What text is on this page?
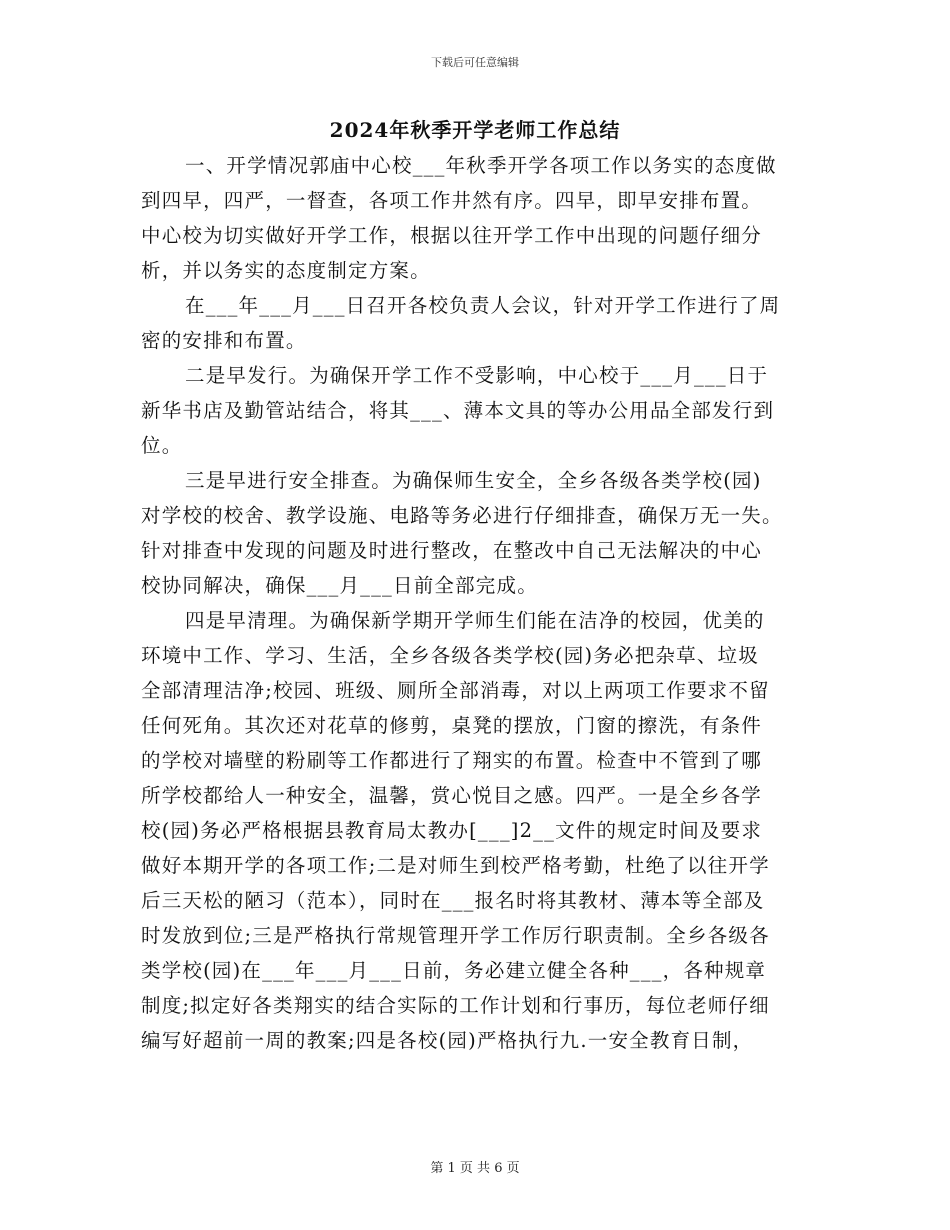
下载后可任意编辑
2024年秋季开学老师工作总结
一、开学情况郭庙中心校___年秋季开学各项工作以务实的态度做
到四早，四严，一督查，各项工作井然有序。四早，即早安排布置。
中心校为切实做好开学工作，根据以往开学工作中出现的问题仔细分
析，并以务实的态度制定方案。
在___年___月___日召开各校负责人会议，针对开学工作进行了周
密的安排和布置。
二是早发行。为确保开学工作不受影响，中心校于___月___日于
新华书店及勤管站结合，将其___、薄本文具的等办公用品全部发行到
位。
三是早进行安全排查。为确保师生安全，全乡各级各类学校(园)
对学校的校舍、教学设施、电路等务必进行仔细排查，确保万无一失。
针对排查中发现的问题及时进行整改，在整改中自己无法解决的中心
校协同解决，确保___月___日前全部完成。
四是早清理。为确保新学期开学师生们能在洁净的校园，优美的
环境中工作、学习、生活，全乡各级各类学校(园)务必把杂草、垃圾
全部清理洁净;校园、班级、厕所全部消毒，对以上两项工作要求不留
任何死角。其次还对花草的修剪，桌凳的摆放，门窗的擦洗，有条件
的学校对墙壁的粉刷等工作都进行了翔实的布置。检查中不管到了哪
所学校都给人一种安全，温馨，赏心悦目之感。四严。一是全乡各学
校(园)务必严格根据县教育局太教办[___]2__文件的规定时间及要求
做好本期开学的各项工作;二是对师生到校严格考勤，杜绝了以往开学
后三天松的陋习（范本），同时在___报名时将其教材、薄本等全部及
时发放到位;三是严格执行常规管理开学工作厉行职责制。全乡各级各
类学校(园)在___年___月___日前，务必建立健全各种___，各种规章
制度;拟定好各类翔实的结合实际的工作计划和行事历，每位老师仔细
编写好超前一周的教案;四是各校(园)严格执行九.一安全教育日制，
第 1 页 共 6 页
